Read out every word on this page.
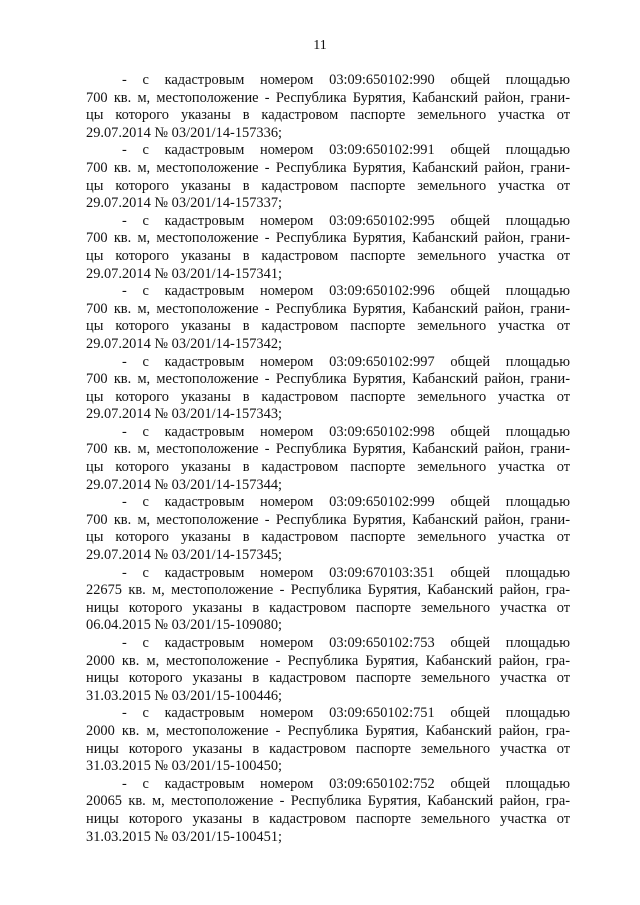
11
- с кадастровым номером 03:09:650102:990 общей площадью
700 кв. м, местоположение - Республика Бурятия, Кабанский район, грани-
цы которого указаны в кадастровом паспорте земельного участка от
29.07.2014 № 03/201/14-157336;
- с кадастровым номером 03:09:650102:991 общей площадью
700 кв. м, местоположение - Республика Бурятия, Кабанский район, грани-
цы которого указаны в кадастровом паспорте земельного участка от
29.07.2014 № 03/201/14-157337;
- с кадастровым номером 03:09:650102:995 общей площадью
700 кв. м, местоположение - Республика Бурятия, Кабанский район, грани-
цы которого указаны в кадастровом паспорте земельного участка от
29.07.2014 № 03/201/14-157341;
- с кадастровым номером 03:09:650102:996 общей площадью
700 кв. м, местоположение - Республика Бурятия, Кабанский район, грани-
цы которого указаны в кадастровом паспорте земельного участка от
29.07.2014 № 03/201/14-157342;
- с кадастровым номером 03:09:650102:997 общей площадью
700 кв. м, местоположение - Республика Бурятия, Кабанский район, грани-
цы которого указаны в кадастровом паспорте земельного участка от
29.07.2014 № 03/201/14-157343;
- с кадастровым номером 03:09:650102:998 общей площадью
700 кв. м, местоположение - Республика Бурятия, Кабанский район, грани-
цы которого указаны в кадастровом паспорте земельного участка от
29.07.2014 № 03/201/14-157344;
- с кадастровым номером 03:09:650102:999 общей площадью
700 кв. м, местоположение - Республика Бурятия, Кабанский район, грани-
цы которого указаны в кадастровом паспорте земельного участка от
29.07.2014 № 03/201/14-157345;
- с кадастровым номером 03:09:670103:351 общей площадью
22675 кв. м, местоположение - Республика Бурятия, Кабанский район, гра-
ницы которого указаны в кадастровом паспорте земельного участка от
06.04.2015 № 03/201/15-109080;
- с кадастровым номером 03:09:650102:753 общей площадью
2000 кв. м, местоположение - Республика Бурятия, Кабанский район, гра-
ницы которого указаны в кадастровом паспорте земельного участка от
31.03.2015 № 03/201/15-100446;
- с кадастровым номером 03:09:650102:751 общей площадью
2000 кв. м, местоположение - Республика Бурятия, Кабанский район, гра-
ницы которого указаны в кадастровом паспорте земельного участка от
31.03.2015 № 03/201/15-100450;
- с кадастровым номером 03:09:650102:752 общей площадью
20065 кв. м, местоположение - Республика Бурятия, Кабанский район, гра-
ницы которого указаны в кадастровом паспорте земельного участка от
31.03.2015 № 03/201/15-100451;
